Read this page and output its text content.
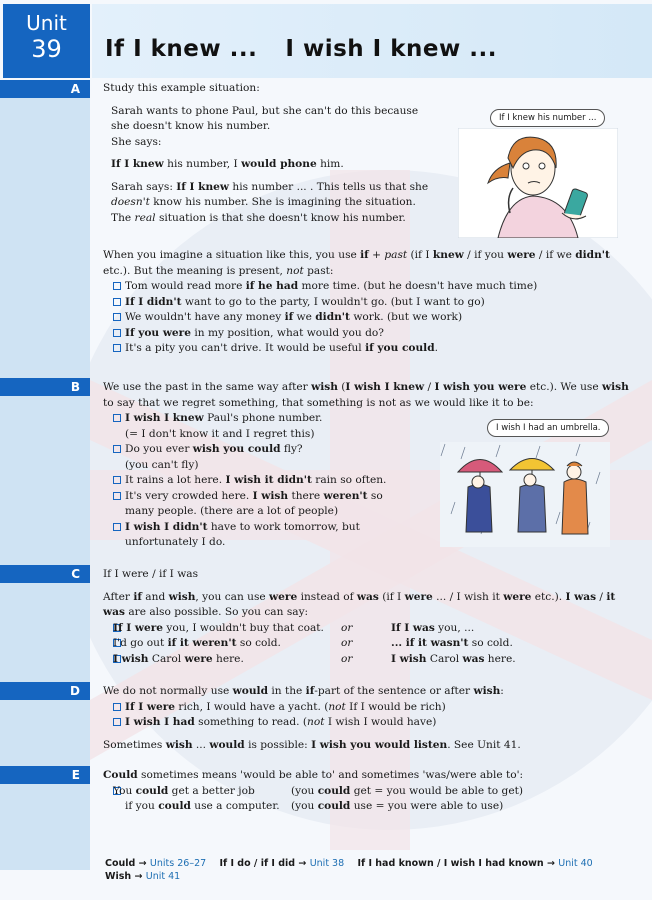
Unit
39	If I knew ... I wish I knew ...
A
B
C
D
E
Study this example situation:
Sarah wants to phone Paul, but she can't do this because
she doesn't know his number.
She says:
If I knew his number, I would phone him.
Sarah says: If I knew his number ... . This tells us that she
doesn't know his number. She is imagining the situation.
The real situation is that she doesn't know his number.
When you imagine a situation like this, you use if + past (if I knew / if you were / if we didn't
etc.). But the meaning is present, not past:
Tom would read more if he had more time. (but he doesn't have much time)
If I didn't want to go to the party, I wouldn't go. (but I want to go)
We wouldn't have any money if we didn't work. (but we work)
If you were in my position, what would you do?
It's a pity you can't drive. It would be useful if you could.
If I knew his number ...
We use the past in the same way after wish (I wish I knew / I wish you were etc.). We use wish
to say that we regret something, that something is not as we would like it to be:
I wish I knew Paul's phone number.
(= I don't know it and I regret this)
Do you ever wish you could fly?
(you can't fly)
It rains a lot here. I wish it didn't rain so often.
It's very crowded here. I wish there weren't so
many people. (there are a lot of people)
I wish I didn't have to work tomorrow, but
unfortunately I do.
I wish I had an umbrella.
If I were / if I was
After if and wish, you can use were instead of was (if I were ... / I wish it were etc.). I was / it
was are also possible. So you can say:
If I were you, I wouldn't buy that coat. or	If I was you, ...
I'd go out if it weren't so cold.	or	... if it wasn't so cold.
I wish Carol were here.	or	I wish Carol was here.
We do not normally use would in the if-part of the sentence or after wish:
If I were rich, I would have a yacht. (not If I would be rich)
I wish I had something to read. (not I wish I would have)
Sometimes wish ... would is possible: I wish you would listen. See Unit 41.
Could sometimes means 'would be able to' and sometimes 'was/were able to':
You could get a better job	(you could get = you would be able to get)
if you could use a computer. (you could use = you were able to use)
Could → Units 26–27 If I do / if I did → Unit 38 If I had known / I wish I had known → Unit 40
Wish → Unit 41
